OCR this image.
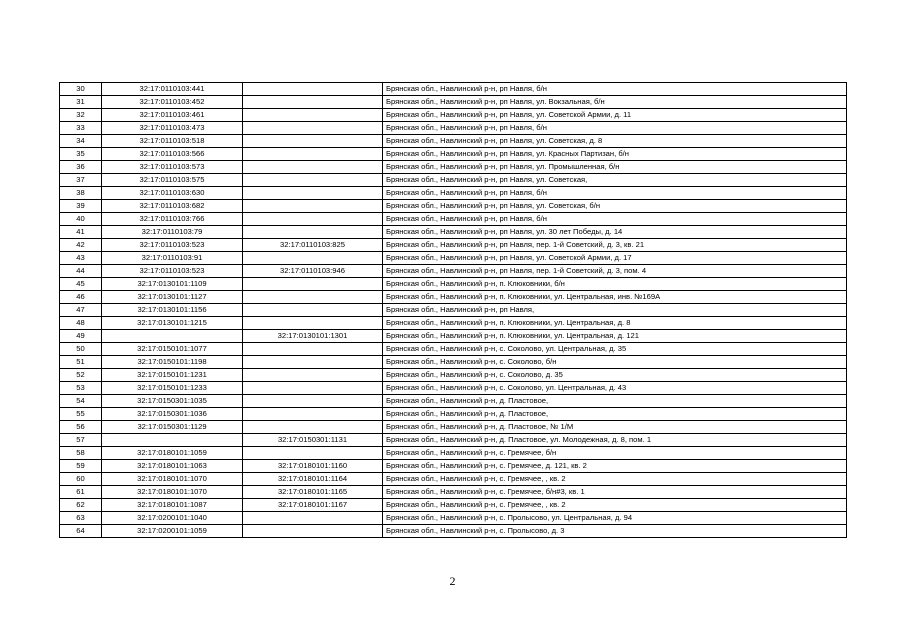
30	32:17:0110103:441		Брянская обл., Навлинский р-н, рп Навля, б/н
31	32:17:0110103:452		Брянская обл., Навлинский р-н, рп Навля, ул. Вокзальная, б/н
32	32:17:0110103:461		Брянская обл., Навлинский р-н, рп Навля, ул. Советской Армии, д. 11
33	32:17:0110103:473		Брянская обл., Навлинский р-н, рп Навля, б/н
34	32:17:0110103:518		Брянская обл., Навлинский р-н, рп Навля, ул. Советская, д. 8
35	32:17:0110103:566		Брянская обл., Навлинский р-н, рп Навля, ул. Красных Партизан, б/н
36	32:17:0110103:573		Брянская обл., Навлинский р-н, рп Навля, ул. Промышленная, б/н
37	32:17:0110103:575		Брянская обл., Навлинский р-н, рп Навля, ул. Советская,
38	32:17:0110103:630		Брянская обл., Навлинский р-н, рп Навля, б/н
39	32:17:0110103:682		Брянская обл., Навлинский р-н, рп Навля, ул. Советская, б/н
40	32:17:0110103:766		Брянская обл., Навлинский р-н, рп Навля, б/н
41	32:17:0110103:79		Брянская обл., Навлинский р-н, рп Навля, ул. 30 лет Победы, д. 14
42	32:17:0110103:523	32:17:0110103:825	Брянская обл., Навлинский р-н, рп Навля, пер. 1-й Советский, д. 3, кв. 21
43	32:17:0110103:91		Брянская обл., Навлинский р-н, рп Навля, ул. Советской Армии, д. 17
44	32:17:0110103:523	32:17:0110103:946	Брянская обл., Навлинский р-н, рп Навля, пер. 1-й Советский, д. 3, пом. 4
45	32:17:0130101:1109		Брянская обл., Навлинский р-н, п. Клюковники, б/н
46	32:17:0130101:1127		Брянская обл., Навлинский р-н, п. Клюковники, ул. Центральная, инв. №169А
47	32:17:0130101:1156		Брянская обл., Навлинский р-н, рп Навля,
48	32:17:0130101:1215		Брянская обл., Навлинский р-н, п. Клюковники, ул. Центральная, д. 8
49		32:17:0130101:1301	Брянская обл., Навлинский р-н, п. Клюковники, ул. Центральная, д. 121
50	32:17:0150101:1077		Брянская обл., Навлинский р-н, с. Соколово, ул. Центральная, д. 35
51	32:17:0150101:1198		Брянская обл., Навлинский р-н, с. Соколово, б/н
52	32:17:0150101:1231		Брянская обл., Навлинский р-н, с. Соколово, д. 35
53	32:17:0150101:1233		Брянская обл., Навлинский р-н, с. Соколово, ул. Центральная, д. 43
54	32:17:0150301:1035		Брянская обл., Навлинский р-н, д. Пластовое,
55	32:17:0150301:1036		Брянская обл., Навлинский р-н, д. Пластовое,
56	32:17:0150301:1129		Брянская обл., Навлинский р-н, д. Пластовое, № 1/М
57		32:17:0150301:1131	Брянская обл., Навлинский р-н, д. Пластовое, ул. Молодежная, д. 8, пом. 1
58	32:17:0180101:1059		Брянская обл., Навлинский р-н, с. Гремячее, б/н
59	32:17:0180101:1063	32:17:0180101:1160	Брянская обл., Навлинский р-н, с. Гремячее, д. 121, кв. 2
60	32:17:0180101:1070	32:17:0180101:1164	Брянская обл., Навлинский р-н, с. Гремячее, , кв. 2
61	32:17:0180101:1070	32:17:0180101:1165	Брянская обл., Навлинский р-н, с. Гремячее, б/н#3, кв. 1
62	32:17:0180101:1087	32:17:0180101:1167	Брянская обл., Навлинский р-н, с. Гремячее, , кв. 2
63	32:17:0200101:1040		Брянская обл., Навлинский р-н, с. Пролысово, ул. Центральная, д. 94
64	32:17:0200101:1059		Брянская обл., Навлинский р-н, с. Пролысово, д. 3
2
